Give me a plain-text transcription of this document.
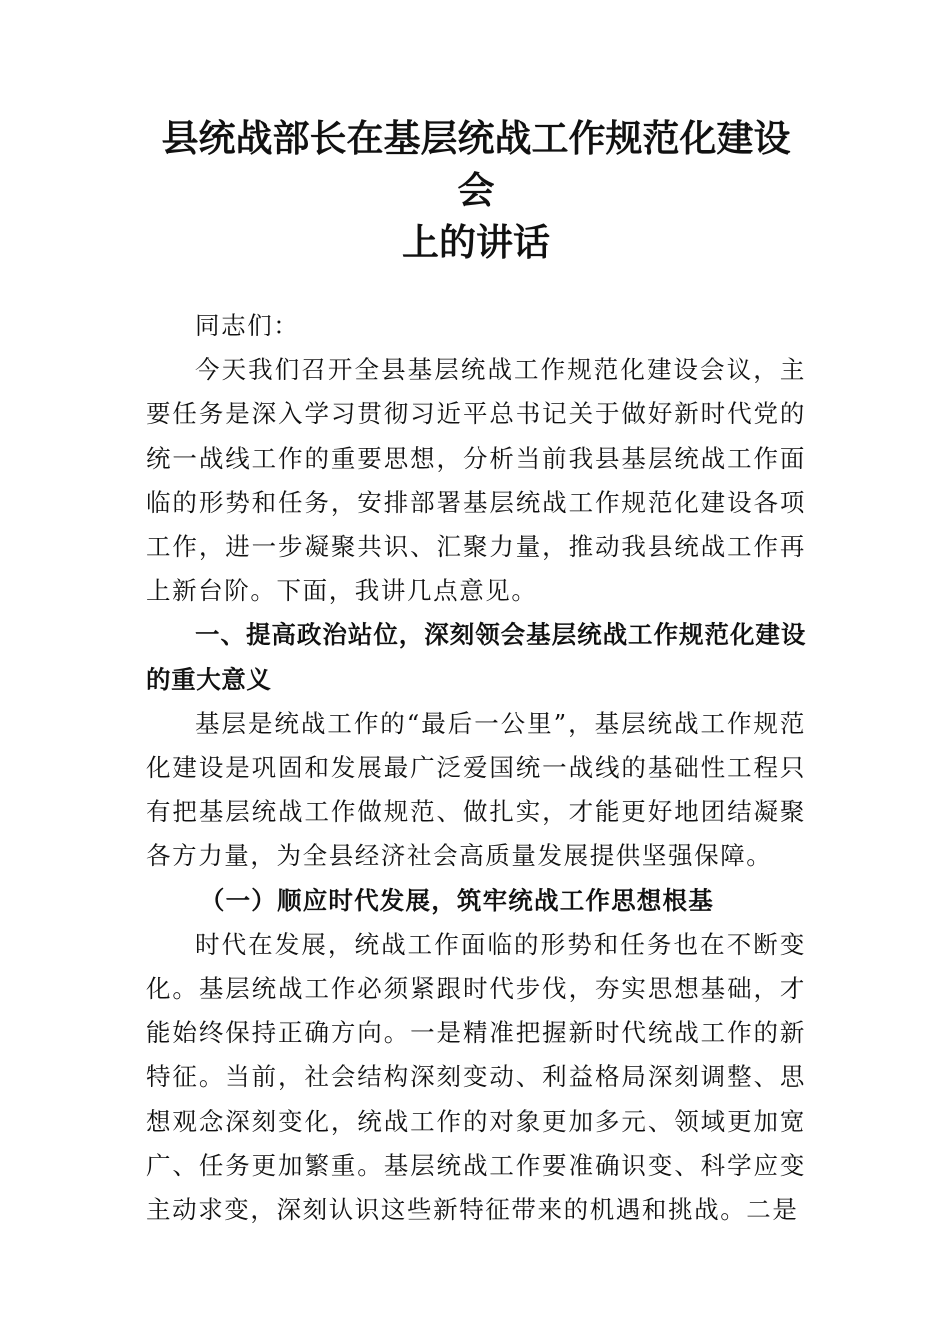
县统战部长在基层统战工作规范化建设会
上的讲话

同志们：

今天我们召开全县基层统战工作规范化建设会议，主要任务是深入学习贯彻习近平总书记关于做好新时代党的统一战线工作的重要思想，分析当前我县基层统战工作面临的形势和任务，安排部署基层统战工作规范化建设各项工作，进一步凝聚共识、汇聚力量，推动我县统战工作再上新台阶。下面，我讲几点意见。

一、提高政治站位，深刻领会基层统战工作规范化建设的重大意义

基层是统战工作的“最后一公里”，基层统战工作规范化建设是巩固和发展最广泛爱国统一战线的基础性工程只有把基层统战工作做规范、做扎实，才能更好地团结凝聚各方力量，为全县经济社会高质量发展提供坚强保障。

（一）顺应时代发展，筑牢统战工作思想根基

时代在发展，统战工作面临的形势和任务也在不断变化。基层统战工作必须紧跟时代步伐，夯实思想基础，才能始终保持正确方向。一是精准把握新时代统战工作的新特征。当前，社会结构深刻变动、利益格局深刻调整、思想观念深刻变化，统战工作的对象更加多元、领域更加宽广、任务更加繁重。基层统战工作要准确识变、科学应变主动求变，深刻认识这些新特征带来的机遇和挑战。二是
